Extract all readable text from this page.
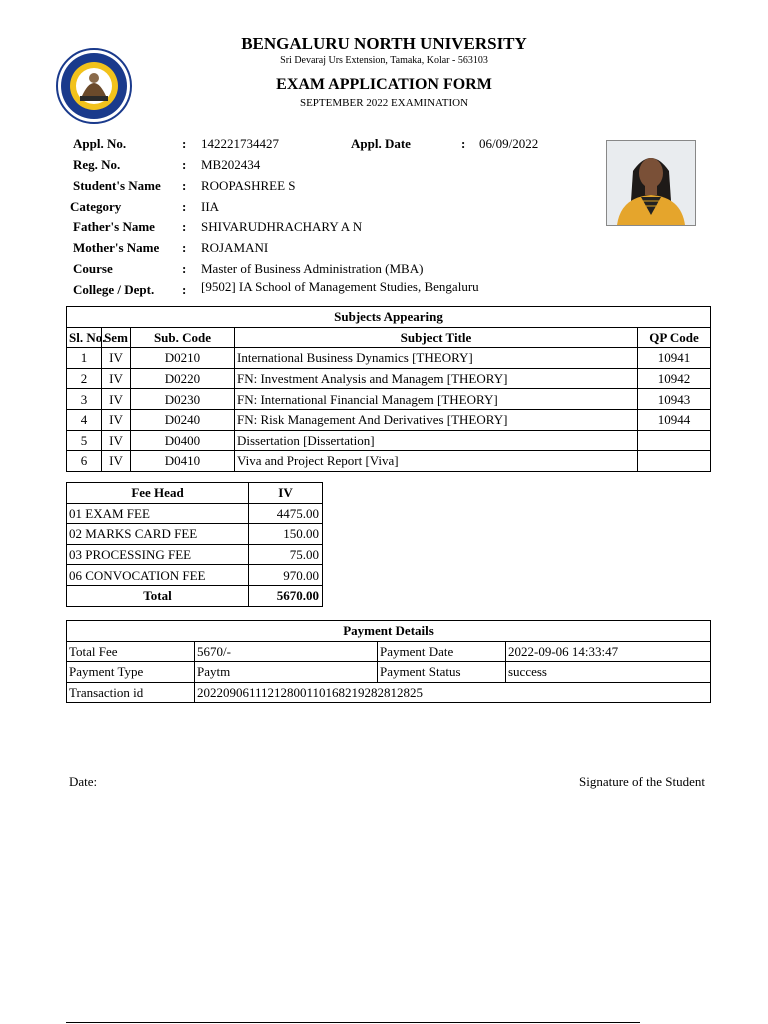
BENGALURU NORTH UNIVERSITY
Sri Devaraj Urs Extension, Tamaka, Kolar - 563103
EXAM APPLICATION FORM
SEPTEMBER 2022 EXAMINATION
Appl. No.	: 142221734427	Appl. Date	: 06/09/2022
Reg. No.	: MB202434
Student's Name : ROOPASHREE S
Category	: IIA
Father's Name : SHIVARUDHRACHARY A N
Mother's Name : ROJAMANI
Course	: Master of Business Administration (MBA)
College / Dept. : [9502] IA School of Management Studies, Bengaluru
Subjects Appearing				
Sl. No.	Sem	Sub. Code	Subject Title	QP Code
1	IV	D0210	International Business Dynamics [THEORY]	10941
2	IV	D0220	FN: Investment Analysis and Managem [THEORY]	10942
3	IV	D0230	FN: International Financial Managem [THEORY]	10943
4	IV	D0240	FN: Risk Management And Derivatives [THEORY]	10944
5	IV	D0400	Dissertation [Dissertation]	
6	IV	D0410	Viva and Project Report [Viva]	
Fee Head	IV
01 EXAM FEE	4475.00
02 MARKS CARD FEE	150.00
03 PROCESSING FEE	75.00
06 CONVOCATION FEE	970.00
Total	5670.00
Payment Details			
Total Fee	5670/-	Payment Date	2022-09-06 14:33:47
Payment Type	Paytm	Payment Status	success
Transaction id	20220906111212800110168219282812825		
Date:	Signature of the Student
